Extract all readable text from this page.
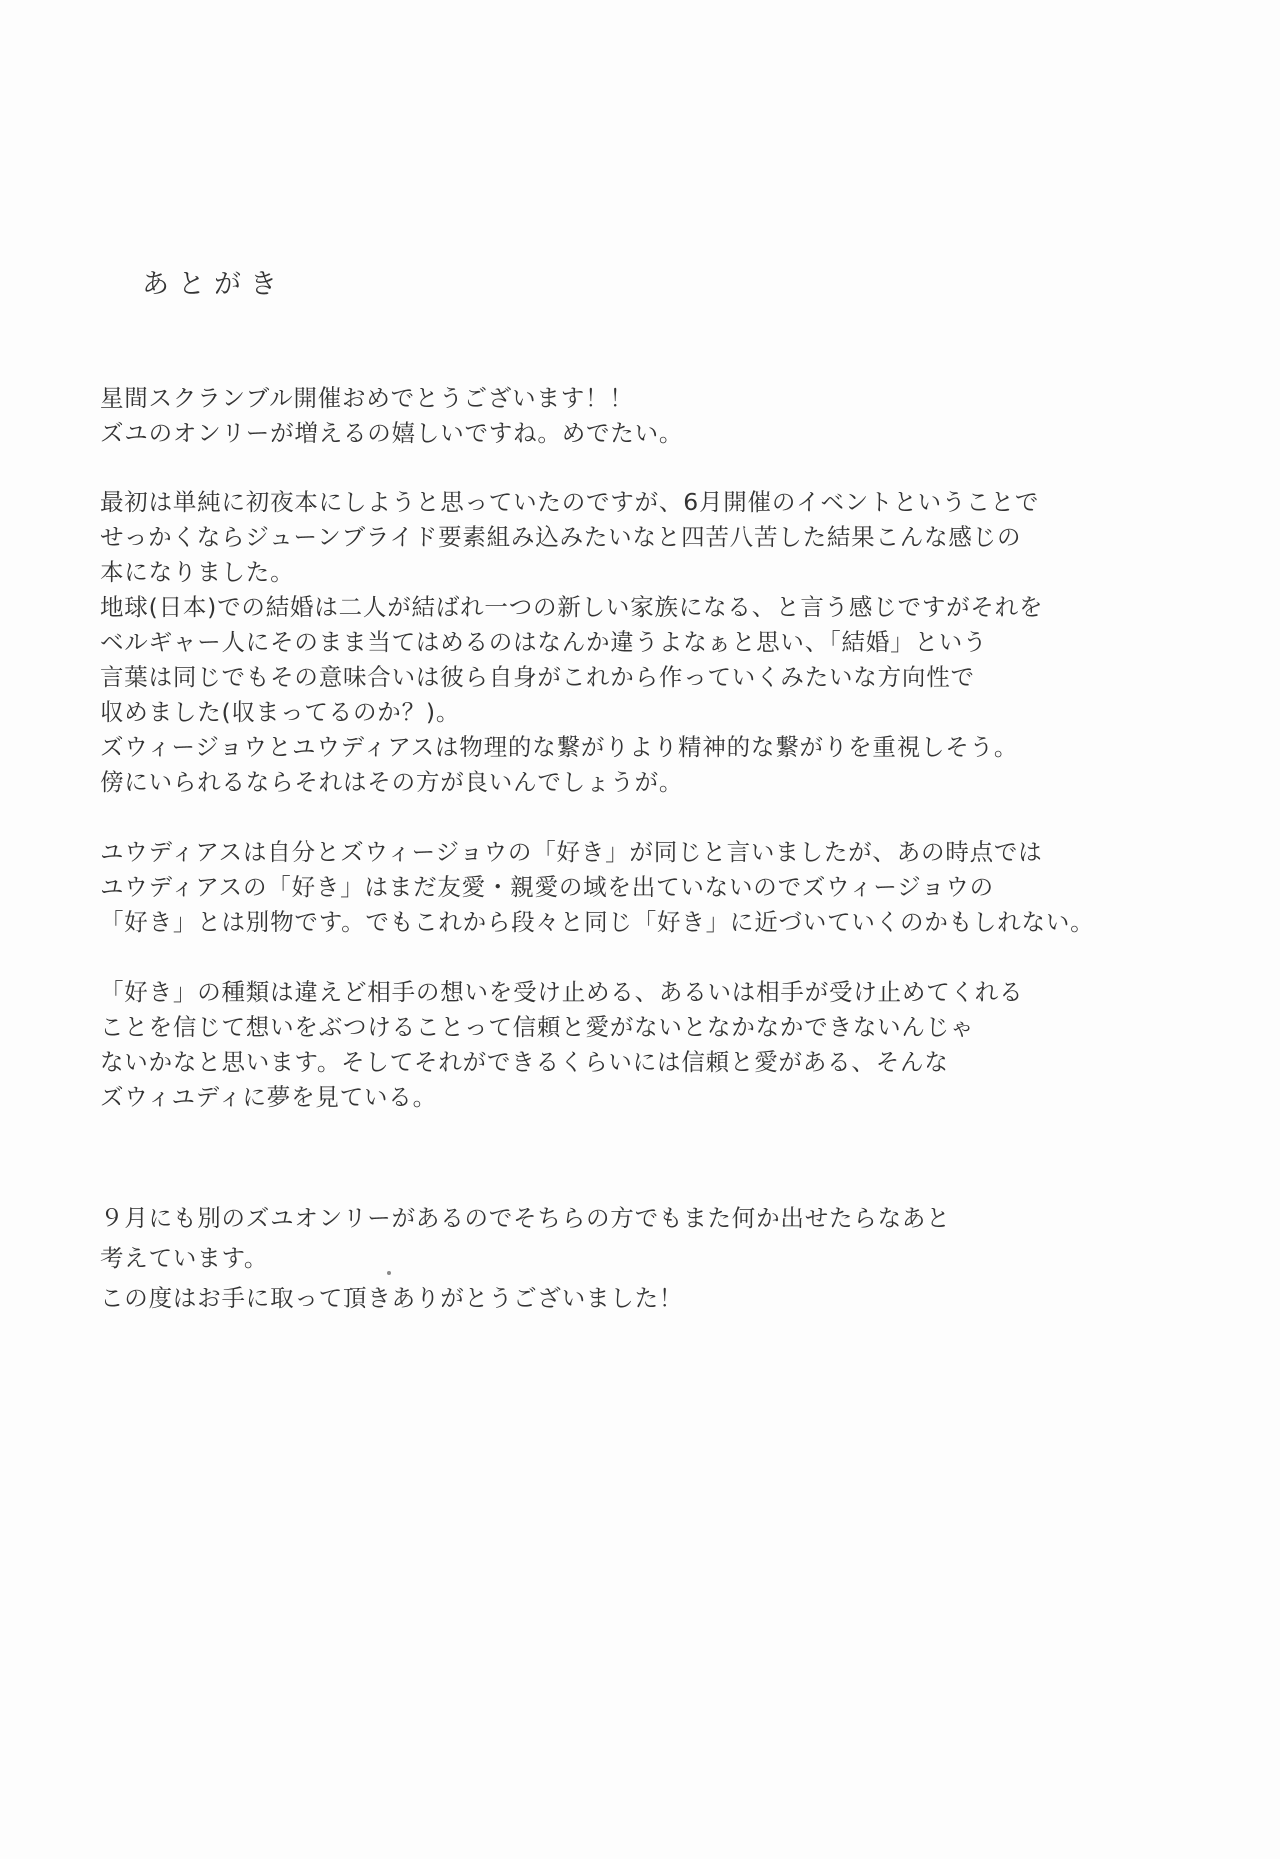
あとがき

星間スクランブル開催おめでとうございます！！
ズユのオンリーが増えるの嬉しいですね。めでたい。

最初は単純に初夜本にしようと思っていたのですが、6月開催のイベントということで
せっかくならジューンブライド要素組み込みたいなと四苦八苦した結果こんな感じの
本になりました。
地球(日本)での結婚は二人が結ばれ一つの新しい家族になる、と言う感じですがそれを
ベルギャー人にそのまま当てはめるのはなんか違うよなぁと思い、「結婚」という
言葉は同じでもその意味合いは彼ら自身がこれから作っていくみたいな方向性で
収めました(収まってるのか？)。
ズウィージョウとユウディアスは物理的な繋がりより精神的な繋がりを重視しそう。
傍にいられるならそれはその方が良いんでしょうが。

ユウディアスは自分とズウィージョウの「好き」が同じと言いましたが、あの時点では
ユウディアスの「好き」はまだ友愛・親愛の域を出ていないのでズウィージョウの
「好き」とは別物です。でもこれから段々と同じ「好き」に近づいていくのかもしれない。

「好き」の種類は違えど相手の想いを受け止める、あるいは相手が受け止めてくれる
ことを信じて想いをぶつけることって信頼と愛がないとなかなかできないんじゃ
ないかなと思います。そしてそれができるくらいには信頼と愛がある、そんな
ズウィユディに夢を見ている。

９月にも別のズユオンリーがあるのでそちらの方でもまた何か出せたらなあと
考えています。
この度はお手に取って頂きありがとうございました！
